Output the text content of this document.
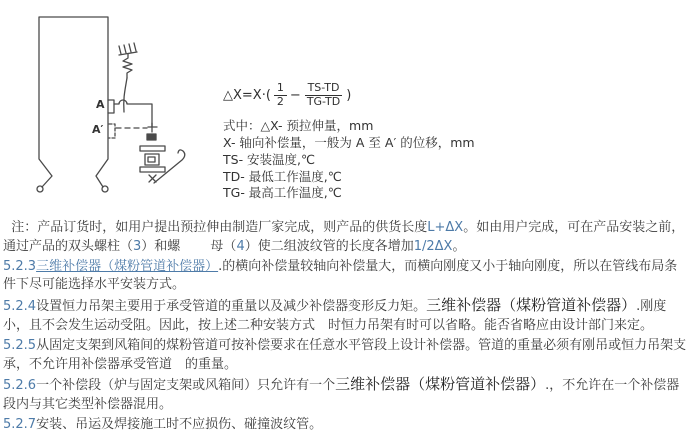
A
A′
△X=X·( $\frac{1}{2} - \frac{TS-TD}{TG-TD}$ )
式中：△X- 预拉伸量，mm
X- 轴向补偿量，一般为 A 至 A′ 的位移，mm
TS- 安装温度,℃
TD- 最低工作温度,℃
TG- 最高工作温度,℃

注：产品订货时，如用户提出预拉伸由制造厂家完成，则产品的供货长度L+ΔX。如由用户完成，可在产品安装之前，通过产品的双头螺柱（3）和螺　　 母（4）使二组波纹管的长度各增加1/2ΔX。

5.2.3三维补偿器（煤粉管道补偿器）.的横向补偿量较轴向补偿量大，而横向刚度又小于轴向刚度，所以在管线布局条件下尽可能选择水平安装方式。

5.2.4设置恒力吊架主要用于承受管道的重量以及减少补偿器变形反力矩。三维补偿器（煤粉管道补偿器）.刚度小，且不会发生运动受阻。因此，按上述二种安装方式　时恒力吊架有时可以省略。能否省略应由设计部门来定。

5.2.5从固定支架到风箱间的煤粉管道可按补偿要求在任意水平管段上设计补偿器。管道的重量必须有刚吊或恒力吊架支承，不允许用补偿器承受管道　的重量。

5.2.6一个补偿段（炉与固定支架或风箱间）只允许有一个三维补偿器（煤粉管道补偿器）.，不允许在一个补偿器段内与其它类型补偿器混用。

5.2.7安装、吊运及焊接施工时不应损伤、碰撞波纹管。
